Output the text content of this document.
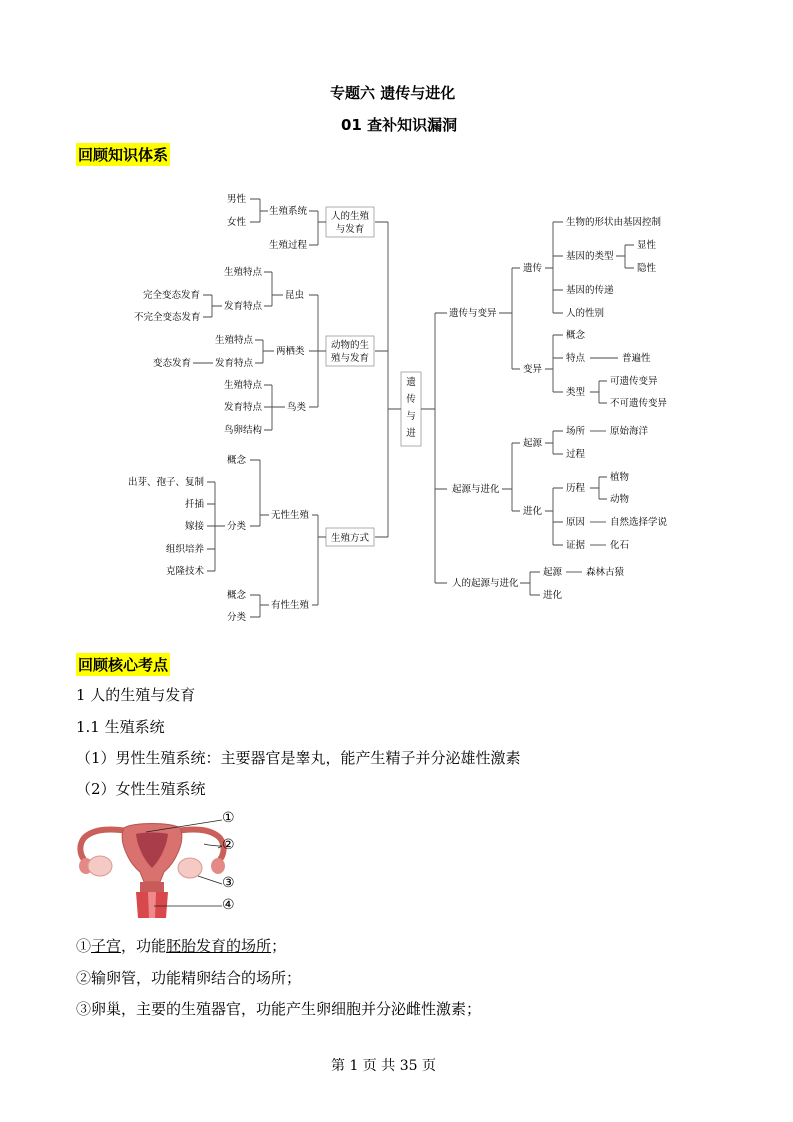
专题六 遗传与进化
01 查补知识漏洞
回顾知识体系
遗
传
与
进
人的生殖
与发育
生殖系统
生殖过程
男性
女性
动物的生
殖与发育
昆虫
生殖特点
发育特点
完全变态发育
不完全变态发育
两栖类
生殖特点
发育特点
变态发育
鸟类
生殖特点
发育特点
鸟卵结构
生殖方式
无性生殖
概念
分类
出芽、孢子、复制
扦插
嫁接
组织培养
克隆技术
有性生殖
概念
分类
遗传与变异
遗传
生物的形状由基因控制
基因的类型
显性
隐性
基因的传递
人的性别
变异
概念
特点	普遍性
类型
可遗传变异
不可遗传变异
起源与进化
起源
场所	原始海洋
过程
进化
历程
植物
动物
原因	自然选择学说
证据	化石
人的起源与进化
起源	森林古猿
进化
回顾核心考点
1 人的生殖与发育
1.1 生殖系统
（1）男性生殖系统：主要器官是睾丸，能产生精子并分泌雄性激素
（2）女性生殖系统
①
②
③
④
①子宫，功能胚胎发育的场所；
②输卵管，功能精卵结合的场所；
③卵巢，主要的生殖器官，功能产生卵细胞并分泌雌性激素；
第 1 页 共 35 页
